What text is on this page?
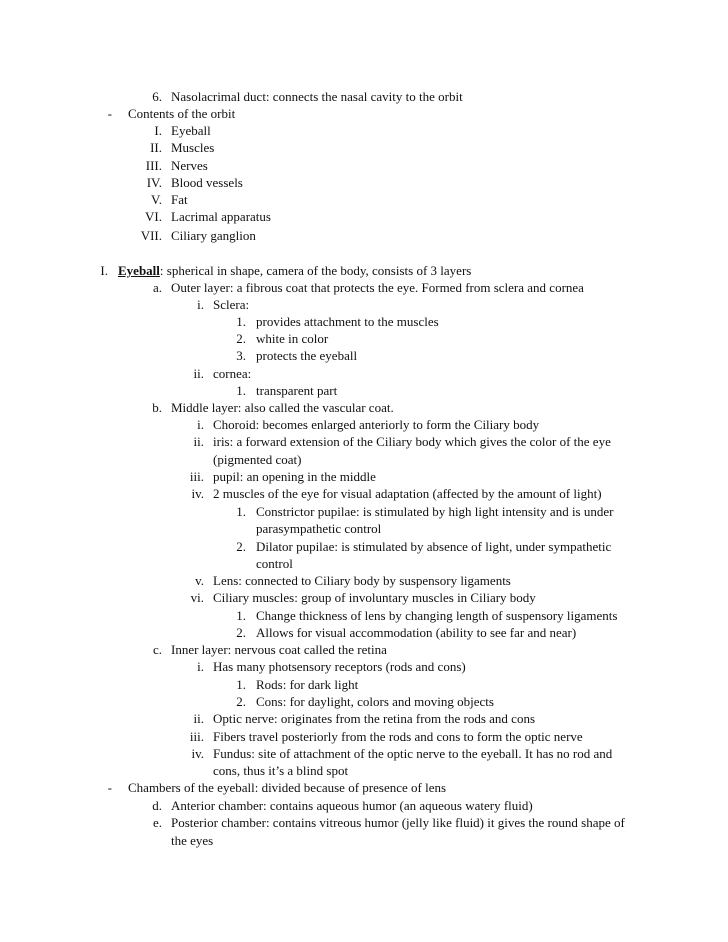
6. Nasolacrimal duct: connects the nasal cavity to the orbit
- Contents of the orbit
I. Eyeball
II. Muscles
III. Nerves
IV. Blood vessels
V. Fat
VI. Lacrimal apparatus
VII. Ciliary ganglion
I. Eyeball: spherical in shape, camera of the body, consists of 3 layers
a. Outer layer: a fibrous coat that protects the eye. Formed from sclera and cornea
i. Sclera:
1. provides attachment to the muscles
2. white in color
3. protects the eyeball
ii. cornea:
1. transparent part
b. Middle layer: also called the vascular coat.
i. Choroid: becomes enlarged anteriorly to form the Ciliary body
ii. iris: a forward extension of the Ciliary body which gives the color of the eye
(pigmented coat)
iii. pupil: an opening in the middle
iv. 2 muscles of the eye for visual adaptation (affected by the amount of light)
1. Constrictor pupilae: is stimulated by high light intensity and is under
parasympathetic control
2. Dilator pupilae: is stimulated by absence of light, under sympathetic
control
v. Lens: connected to Ciliary body by suspensory ligaments
vi. Ciliary muscles: group of involuntary muscles in Ciliary body
1. Change thickness of lens by changing length of suspensory ligaments
2. Allows for visual accommodation (ability to see far and near)
c. Inner layer: nervous coat called the retina
i. Has many photsensory receptors (rods and cons)
1. Rods: for dark light
2. Cons: for daylight, colors and moving objects
ii. Optic nerve: originates from the retina from the rods and cons
iii. Fibers travel posteriorly from the rods and cons to form the optic nerve
iv. Fundus: site of attachment of the optic nerve to the eyeball. It has no rod and
cons, thus it’s a blind spot
- Chambers of the eyeball: divided because of presence of lens
d. Anterior chamber: contains aqueous humor (an aqueous watery fluid)
e. Posterior chamber: contains vitreous humor (jelly like fluid) it gives the round shape of
the eyes
